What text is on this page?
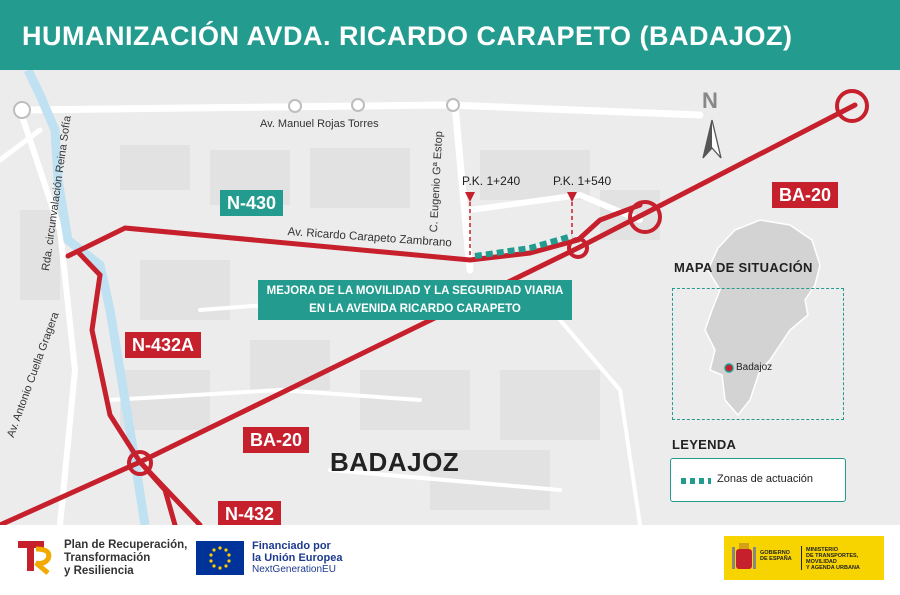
HUMANIZACIÓN AVDA. RICARDO CARAPETO (BADAJOZ)
Av. Manuel Rojas Torres
Av. Ricardo Carapeto Zambrano
C. Eugenio Gª Estop
Rda. circunvalación Reina Sofía
Av. Antonio Cuella Gragera
N
N-430	BA-20
N-432A
BA-20
N-432
P.K. 1+240	P.K. 1+540
MEJORA DE LA MOVILIDAD Y LA SEGURIDAD VIARIA EN LA AVENIDA RICARDO CARAPETO
BADAJOZ
MAPA DE SITUACIÓN
Badajoz
LEYENDA
Zonas de actuación
Plan de Recuperación,
Transformación
y Resiliencia
Financiado por
la Unión Europea
NextGenerationEU
GOBIERNO
DE ESPAÑA
MINISTERIO
DE TRANSPORTES, MOVILIDAD
Y AGENDA URBANA
